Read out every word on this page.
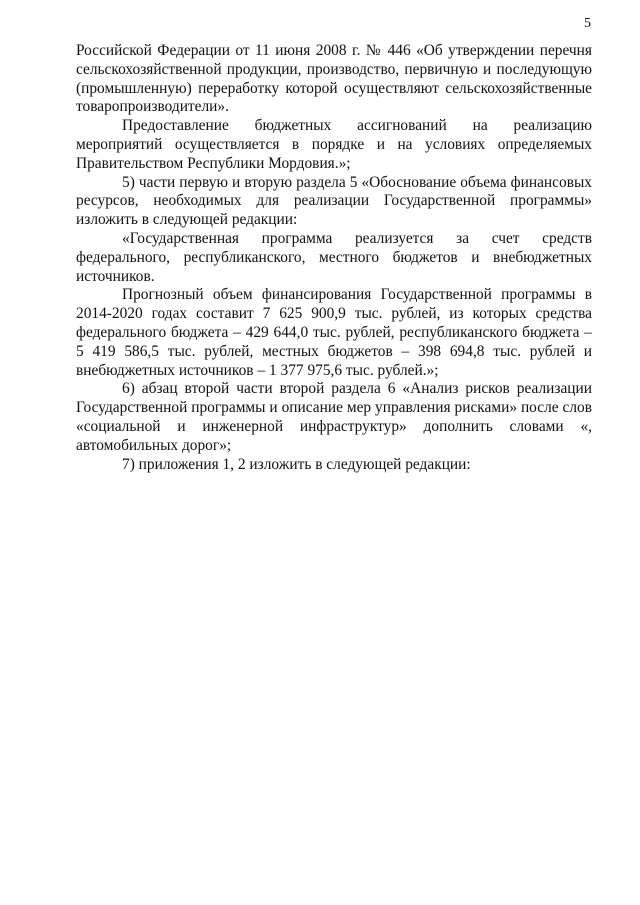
5

Российской Федерации от 11 июня 2008 г. № 446 «Об утверждении перечня сельскохозяйственной продукции, производство, первичную и последующую (промышленную) переработку которой осуществляют сельскохозяйственные товаропроизводители».

Предоставление бюджетных ассигнований на реализацию мероприятий осуществляется в порядке и на условиях определяемых Правительством Республики Мордовия.»;

5) части первую и вторую раздела 5 «Обоснование объема финансовых ресурсов, необходимых для реализации Государственной программы» изложить в следующей редакции:

«Государственная программа реализуется за счет средств федерального, республиканского, местного бюджетов и внебюджетных источников.

Прогнозный объем финансирования Государственной программы в 2014-2020 годах составит 7 625 900,9 тыс. рублей, из которых средства федерального бюджета – 429 644,0 тыс. рублей, республиканского бюджета – 5 419 586,5 тыс. рублей, местных бюджетов – 398 694,8 тыс. рублей и внебюджетных источников – 1 377 975,6 тыс. рублей.»;

6) абзац второй части второй раздела 6 «Анализ рисков реализации Государственной программы и описание мер управления рисками» после слов «социальной и инженерной инфраструктур» дополнить словами «, автомобильных дорог»;

7) приложения 1, 2 изложить в следующей редакции:
